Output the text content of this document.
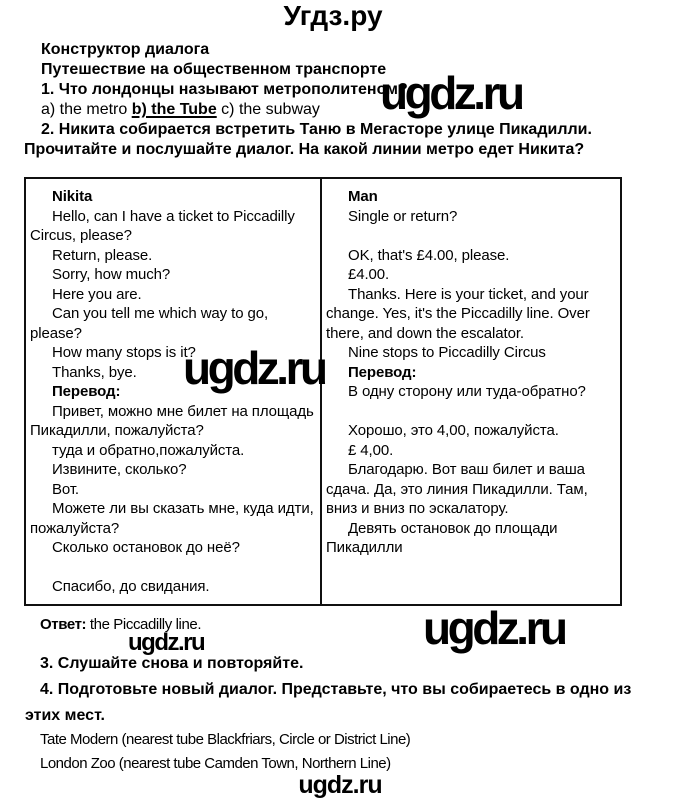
Угдз.ру
Конструктор диалога
Путешествие на общественном транспорте
1. Что лондонцы называют метрополитеном?
a) the metro b) the Tube c) the subway
2. Никита собирается встретить Таню в Мегасторе улице Пикадилли.
Прочитайте и послушайте диалог. На какой линии метро едет Никита?
Nikita
Hello, can I have a ticket to Piccadilly
Circus, please?
Return, please.
Sorry, how much?
Here you are.
Can you tell me which way to go,
please?
How many stops is it?
Thanks, bye.
Перевод:
Привет, можно мне билет на площадь
Пикадилли, пожалуйста?
туда и обратно,пожалуйста.
Извините, сколько?
Вот.
Можете ли вы сказать мне, куда идти,
пожалуйста?
Сколько остановок до неё?

Спасибо, до свидания.
Man
Single or return?

OK, that's £4.00, please.
£4.00.
Thanks. Here is your ticket, and your
change. Yes, it's the Piccadilly line. Over
there, and down the escalator.
Nine stops to Piccadilly Circus
Перевод:
В одну сторону или туда-обратно?

Хорошо, это 4,00, пожалуйста.
£ 4,00.
Благодарю. Вот ваш билет и ваша
сдача. Да, это линия Пикадилли. Там,
вниз и вниз по эскалатору.
Девять остановок до площади
Пикадилли
Ответ: the Piccadilly line.
3. Слушайте снова и повторяйте.
4. Подготовьте новый диалог. Представьте, что вы собираетесь в одно из
этих мест.
Tate Modern (nearest tube Blackfriars, Circle or District Line)
London Zoo (nearest tube Camden Town, Northern Line)
ugdz.ru
ugdz.ru
ugdz.ru	ugdz.ru
ugdz.ru
